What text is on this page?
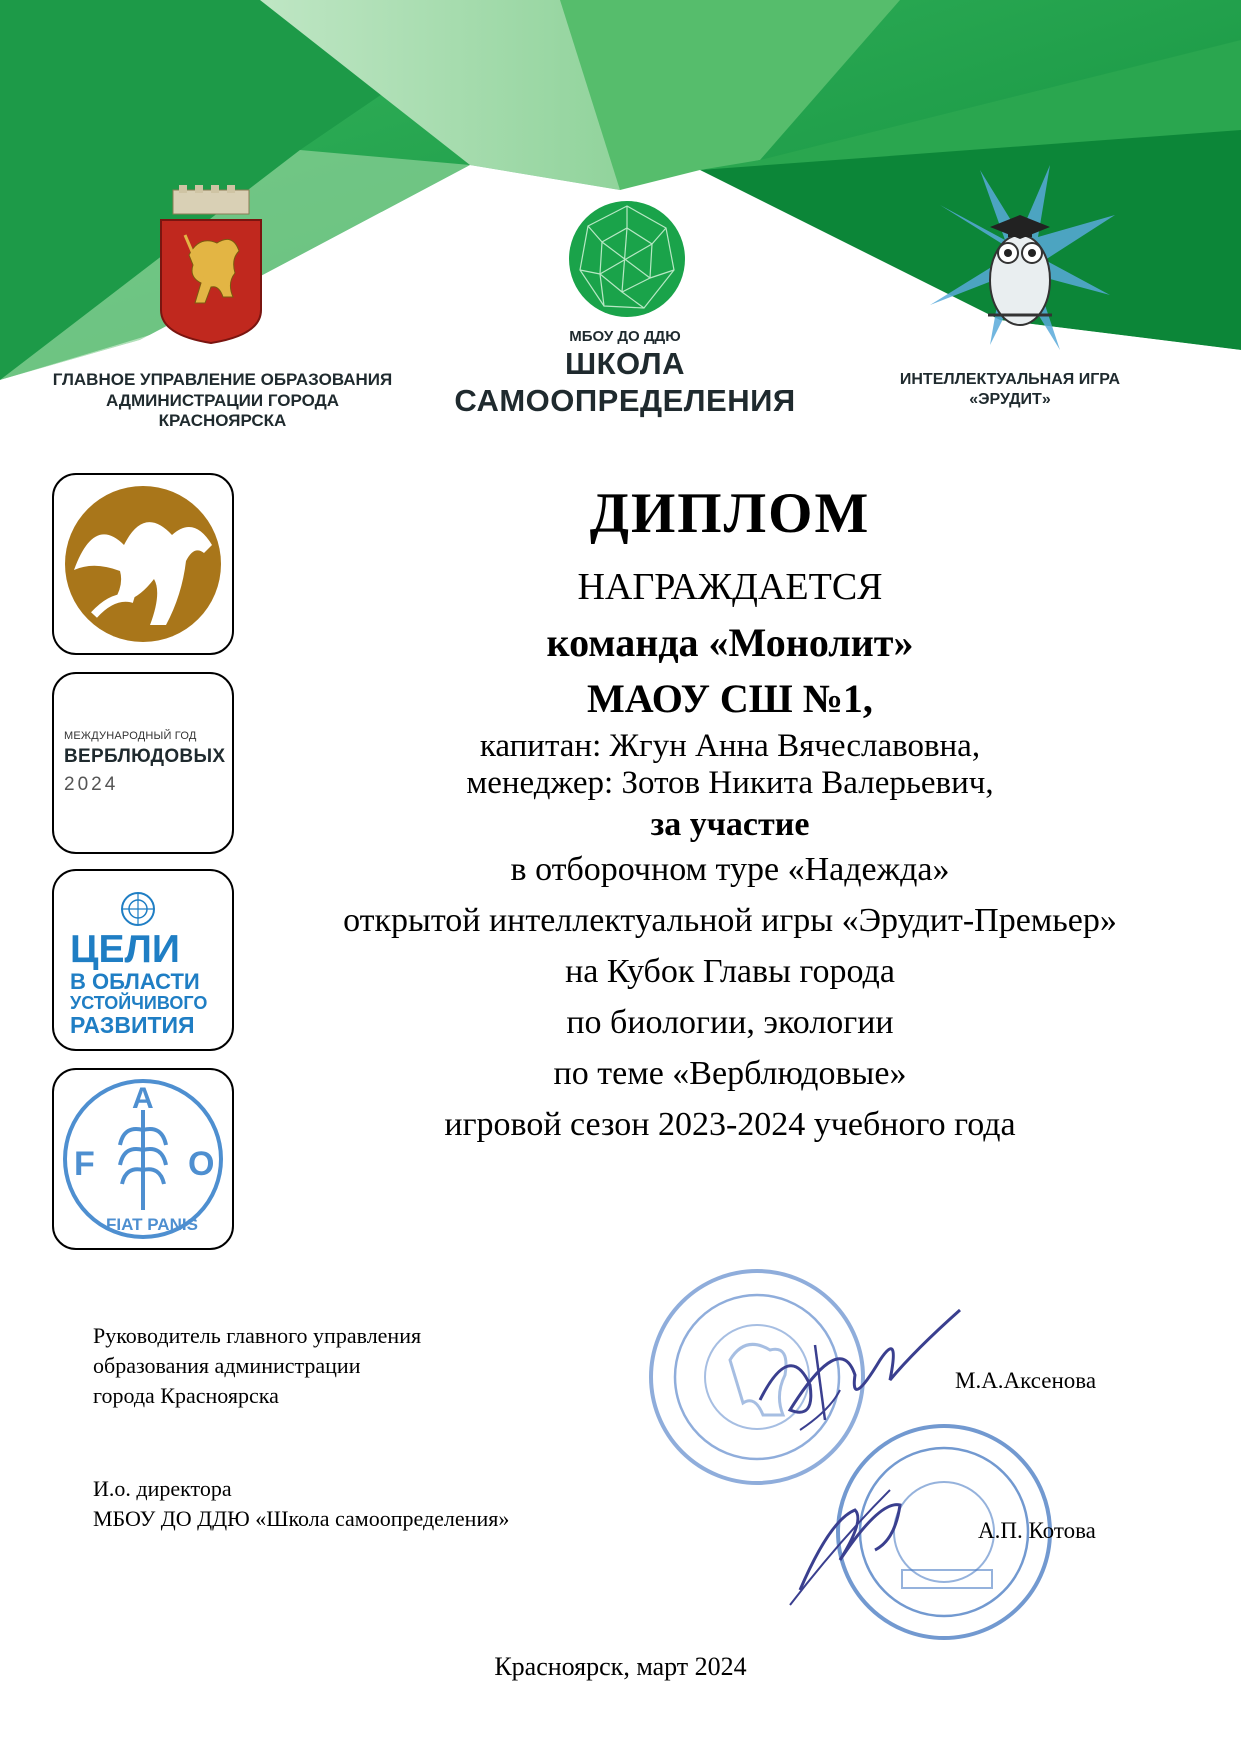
ГЛАВНОЕ УПРАВЛЕНИЕ ОБРАЗОВАНИЯ
АДМИНИСТРАЦИИ ГОРОДА
КРАСНОЯРСКА
МБОУ ДО ДДЮ
ШКОЛА
САМООПРЕДЕЛЕНИЯ
ИНТЕЛЛЕКТУАЛЬНАЯ ИГРА
«ЭРУДИТ»
МЕЖДУНАРОДНЫЙ ГОД
ВЕРБЛЮДОВЫХ
2024
ЦЕЛИ
В ОБЛАСТИ
УСТОЙЧИВОГО
РАЗВИТИЯ
F
A
O
FIAT PANIS
ДИПЛОМ
НАГРАЖДАЕТСЯ
команда «Монолит»
МАОУ СШ №1,
капитан: Жгун Анна Вячеславовна,
менеджер: Зотов Никита Валерьевич,
за участие
в отборочном туре «Надежда»
открытой интеллектуальной игры «Эрудит-Премьер»
на Кубок Главы города
по биологии, экологии
по теме «Верблюдовые»
игровой сезон 2023-2024 учебного года
Руководитель главного управления
образования администрации
города Красноярска
М.А.Аксенова
И.о. директора
МБОУ ДО ДДЮ «Школа самоопределения»	А.П. Котова
Красноярск, март 2024
